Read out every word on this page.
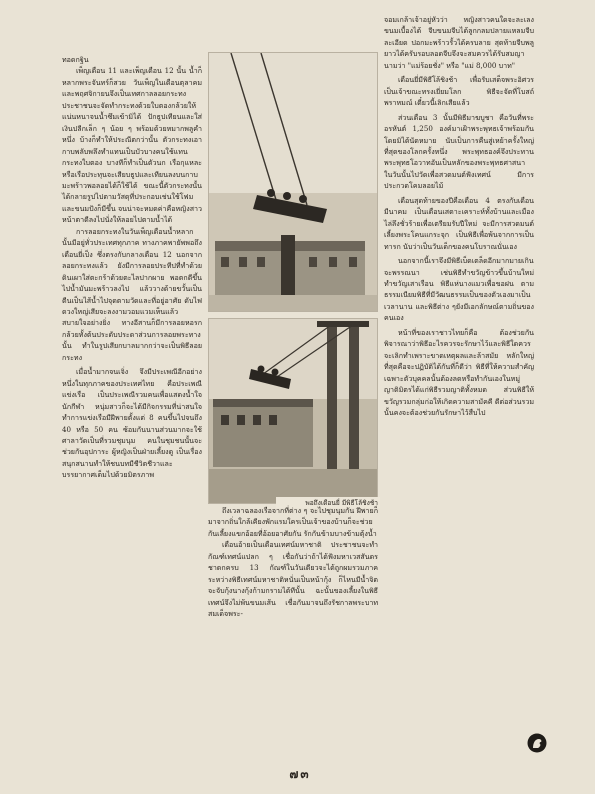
ทอดกฐิน

เพ็ญเดือน 11 และเพ็ญเดือน 12 นั้น น้ำก็หลากพระจันทร์ก็สวย วันเพ็ญในเดือนตุลาคมและพฤศจิกายนจึงเป็นเทศกาลลอยกระทง ประชาชนจะจัดทำกระทงด้วยใบตองกล้วยให้แน่นหนาจนน้ำซึมเข้ามิได้ ปักธูปเทียนและใส่เงินปลีกเล็ก ๆ น้อย ๆ พร้อมด้วยหมากพลูคำหนึ่ง บ้างก็ทำให้ประณีตกว่านั้น ตัวกระทงเอากาบพลับพลึงทำแทนเป็นบัวบางคนใช้แทนกระทงใบตอง บางทีก็ทำเป็นตัวนก เรือกุแหละหรือเรือประทุนจะเสียบธูปและเทียนลงบนกาบมะพร้าวพอลอยได้ก็ใช้ได้ ขณะนี้ตัวกระทงนั้นได้กลายรูปไปตามวัสดุที่ประกอบเช่นใช้โฟมและขนมปังก็มีขึ้น จนน่าจะหมดค่าคือหญิงสาวหน้าตาดีลงไปนั่งให้ลอยไปตามน้ำได้

การลอยกระทงในวันเพ็ญเดือนน้ำหลากนั้นมีอยู่ทั่วประเทศทุกภาค ทางภาคพายัพพอถึงเดือนยี่เป็ง ซึ่งตรงกับกลางเดือน 12 นอกจากลอยกระทงแล้ว ยังมีการลอยประทีปที่ทำด้วยดินเผาใส่ตะกร้าด้วยตะไลปากผาย พอตกดีขึ้นไปน้ำมันมะพร้าวลงไป แล้ววางด้ายขวั้นเป็นตีนเป็นไส้น้ำไปจุดตามวัดและที่อยู่อาศัย ดับไฟดวงใหญ่เสียจะลงงามวอมแวมเห็นแล้วสบายใจอย่างยิ่ง ทางอีสานก็มีการลอยหอรกกล้วยทั้งต้นประดับประดาส่วนการลอยพระทางนั้น ทำในรูปเสียกบาลมากกว่าจะเป็นพิธีลอยกระทง

เมื่อน้ำมากจนเจิ่ง จึงมีประเพณีอีกอย่างหนึ่งในทุกภาคของประเทศไทย คือประเพณีแข่งเรือ เป็นประเพณีรวมคนเพื่อแสดงน้ำใจนักกีฬา หนุ่มสาวก็จะได้มีกิจกรรมที่น่าสนใจทำการแข่งเรือมีฝีพายตั้งแต่ 8 คนขึ้นไปจนถึง 40 หรือ 50 คน ซ้อมกันนานส่วนมากจะใช้ศาลาวัดเป็นที่รวมชุมนุม คนในชุมชนนั้นจะช่วยกันอุปการะ ผู้หญิงเป็นฝ่ายเลี้ยงดู เป็นเรื่องสนุกสนานทำให้ชนบทมีชีวิตชีวาและบรรยากาศเต็มไปด้วยมิตรภาพ

พอถึงเดือนยี่ มีพิธีโล้ชิงช้า

ถึงเวลาฉลองเรือจากที่ต่าง ๆ จะไปชุมนุมกัน ฝีพายก็มาจากถิ่นใกล้เคียงพักแรมใครเป็นเจ้าของบ้านก็จะช่วยกันเลี้ยงแขกอ้อยที่อ้อยอาศัยกัน รักกันข้ามบางข้ามตุ้งน้ำ

เดือนอ้ายเป็นเดือนเทศน์มหาชาติ ประชาชนจะทำกัณฑ์เทศน์แปลก ๆ เชื่อกันว่าถ้าได้ฟังมหาเวสสันดรชาดกครบ 13 กัณฑ์ในวันเดียวจะได้ถูกผมรวมภาค ระหว่างพิธีเทศน์มหาชาติหนั่นเป็นหน้ากุ้ง ก็ไหนมีน้ำจิตจะจับกุ้งนางกุ้งก้ามกรามได้ทีนั้น ฉะนั้นของเลี้ยงในพิธีเทศน์จึงไม่พ้นขนมเส้น เชื่อกันมาจนถึงรัชกาลพระบาทสมเด็จพระ-

จอมเกล้าเจ้าอยู่หัวว่า หญิงสาวคนใดจะละเลงขนมเบื้องได้ จีบขนมจีบได้ลูกกลมปลายแหลมจีบละเอียด ปอกมะพร้าวรั้วได้ครบลาย สุดท้ายจีบพลูยาวได้ครับรอบลอดจีบจึงจะสมควรได้รับสมญานามว่า "แม่ร้อยชั่ง" หรือ "แม่ 8,000 บาท"

เดือนยี่มีพิธีโล้ชิงช้า เพื่อรับเสด็จพระอิศวรเป็นเจ้าขณะทรงเยี่ยมโลก พิธีจะจัดที่โบสถ์พราหมณ์ เดี๋ยวนี้เลิกเสียแล้ว

ส่วนเดือน 3 นั้นมีพิธีมาฆบูชา คือวันที่พระอรหันต์ 1,250 องค์มาเฝ้าพระพุทธเจ้าพร้อมกันโดยมิได้นัดหมาย นับเป็นการคืนสู่เหย้าครั้งใหญ่ที่สุดของโลกครั้งหนึ่ง พระพุทธองค์จึงประทานพระพุทธโอวาทอันเป็นหลักของพระพุทธศาสนา ในวันนั้นไปวัดเพื่อสวดมนต์ฟังเทศน์ มีการประกวดโคมลอยไม้

เดือนสุดท้ายของปีคือเดือน 4 ตรงกับเดือนมีนาคม เป็นเดือนเสดาะเคราะห์ทั้งบ้านและเมือง ไล่ลึงชั่วร้ายเพื่อเตรียมรับปีใหม่ จะมีการสวดมนต์เลี้ยงพระโคนแกระจุก เป็นพิธีเพื่อพ้นจากการเป็นทารก นับว่าเป็นวันเด็กของคนโบราณนั่นเอง

นอกจากนี้เราจึงมีพิธีเบ็ดเตล็ดอีกมากมายเกินจะพรรณนา เช่นพิธีทำขวัญข้าวขึ้นบ้านใหม่ ทำขวัญเสาเรือน พิธีแห่นางแมวเพื่อขอฝน ตามธรรมเนียมพิธีที่มีวัฒนธรรมเป็นของตัวเองมาเป็นเวลานาน และพิธีต่าง ๆยังมีเอกลักษณ์ตามถิ่นของคนเอง

หน้าที่ของเราชาวไทยก็คือ ต้องช่วยกันพิจารณาว่าพิธีอะไรควรจะรักษาไว้และพิธีใดควรจะเลิกทำเพราะขาดเหตุผลและล้าสมัย หลักใหญ่ที่สุดคือจะปฏิบัติได้กันที่ก็ดีว่า พิธีที่ให้ความสำคัญเฉพาะตัวบุคคลนั้นต้องลดหรือทำกันเองในหมู่ญาติมิตรได้แก่พิธีรวมญาติทั้งหมด ส่วนพิธีให้ขวัญรวมกลุ่มก่อให้เกิดความสามัคคี ดีต่อส่วนรวมนั้นคงจะต้องช่วยกันรักษาไว้สืบไป

๗๓
